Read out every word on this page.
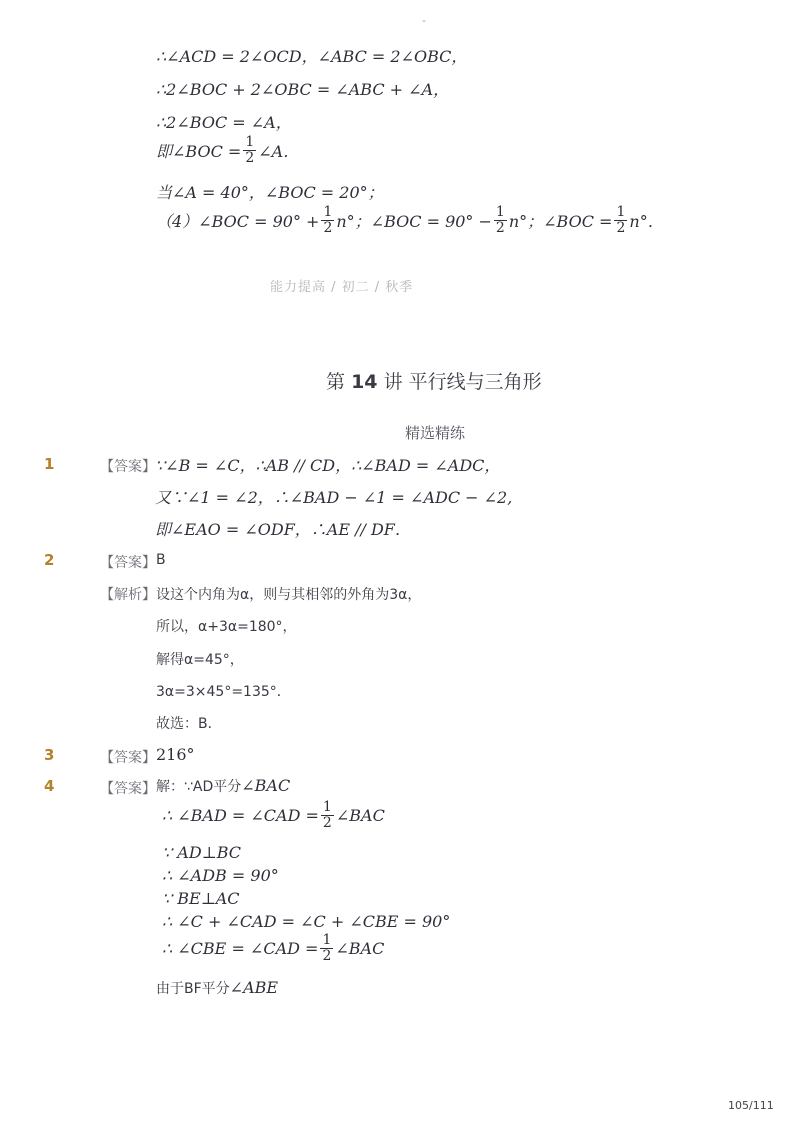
-
∴∠ACD = 2∠OCD，∠ABC = 2∠OBC，
∴2∠BOC + 2∠OBC = ∠ABC + ∠A，
∴2∠BOC = ∠A，
即∠BOC = $\frac{1}{2}$ ∠A．
当∠A = 40°，∠BOC = 20°；
（4）∠BOC = $90^\circ + \frac{1}{2} n^\circ$；∠BOC = $90^\circ - \frac{1}{2} n^\circ$；∠BOC = $\frac{1}{2} n^\circ$．
能力提高 / 初二 / 秋季
第 14 讲 平行线与三角形
精选精练
1	【答案】 ∵∠B = ∠C，∴AB // CD，∴∠BAD = ∠ADC，
又∵∠1 = ∠2，∴∠BAD − ∠1 = ∠ADC − ∠2,
即∠EAO = ∠ODF，∴AE // DF．
2	【答案】 B
【解析】 设这个内角为α，则与其相邻的外角为3α，
所以，α+3α=180°，
解得α=45°，
3α=3×45°=135°．
故选：B．
3	【答案】 216°
4	【答案】 解：∵AD平分∠BAC
∴ ∠BAD = ∠CAD = $\frac{1}{2}$ ∠BAC
∵ AD⊥BC
∴ ∠ADB = 90°
∵ BE⊥AC
∴ ∠C + ∠CAD = ∠C + ∠CBE = 90°
∴ ∠CBE = ∠CAD = $\frac{1}{2}$ ∠BAC
由于BF平分∠ABE
105/111
